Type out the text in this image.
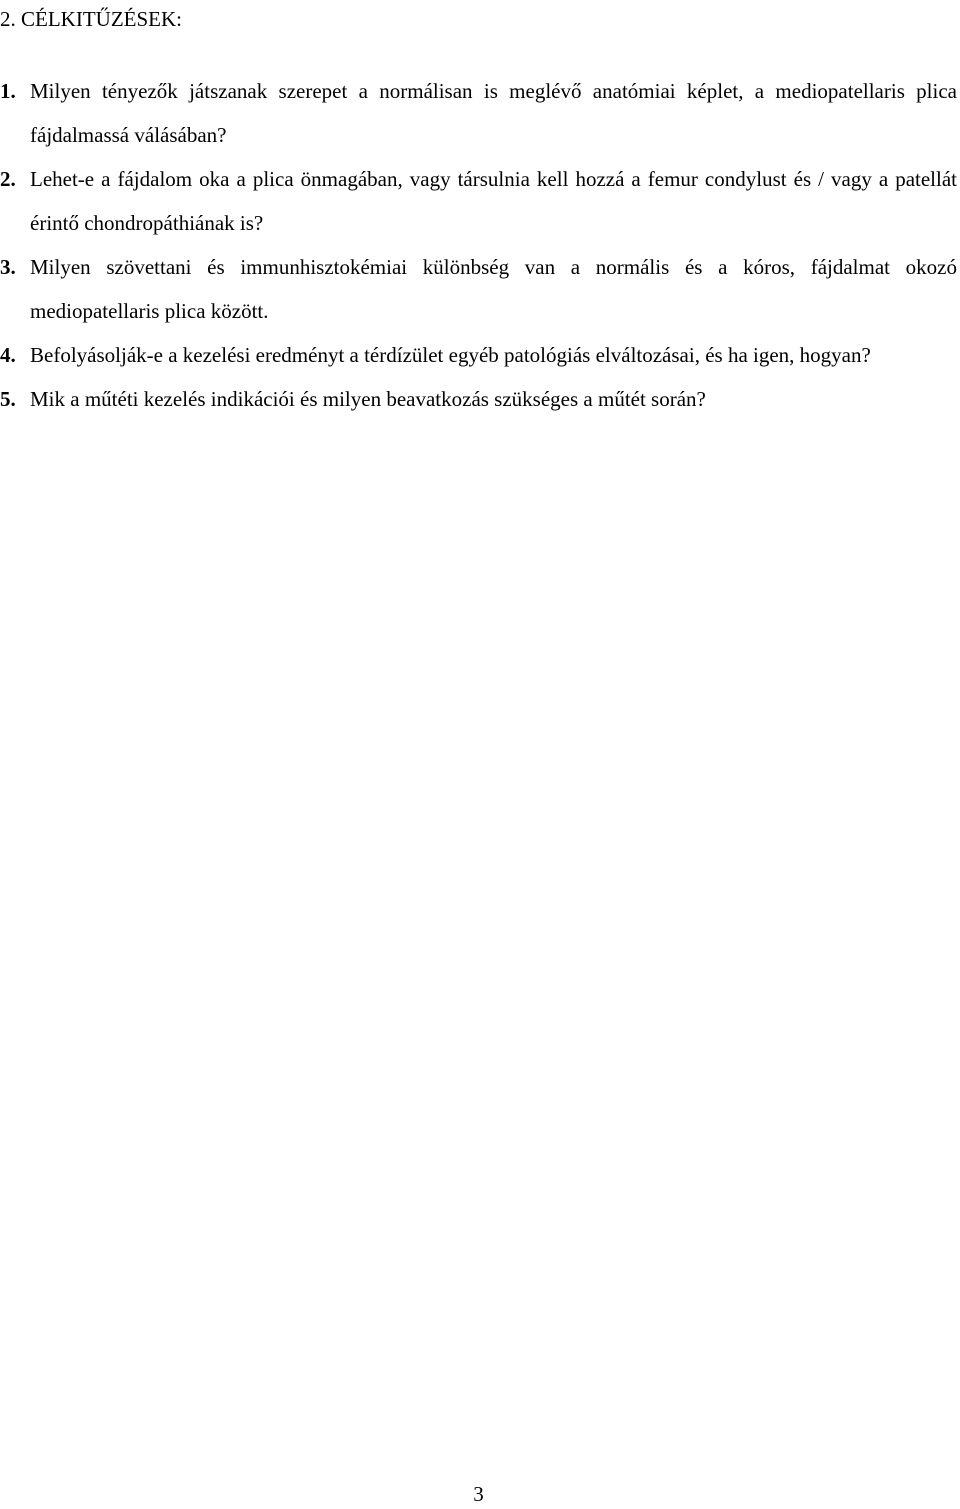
2. CÉLKITŰZÉSEK:
1. Milyen tényezők játszanak szerepet a normálisan is meglévő anatómiai képlet, a mediopatellaris plica fájdalmassá válásában?
2. Lehet-e a fájdalom oka a plica önmagában, vagy társulnia kell hozzá a femur condylust és / vagy a patellát érintő chondropáthiának is?
3. Milyen szövettani és immunhisztokémiai különbség van a normális és a kóros, fájdalmat okozó mediopatellaris plica között.
4. Befolyásolják-e a kezelési eredményt a térdízület egyéb patológiás elváltozásai, és ha igen, hogyan?
5. Mik a műtéti kezelés indikációi és milyen beavatkozás szükséges a műtét során?
3
